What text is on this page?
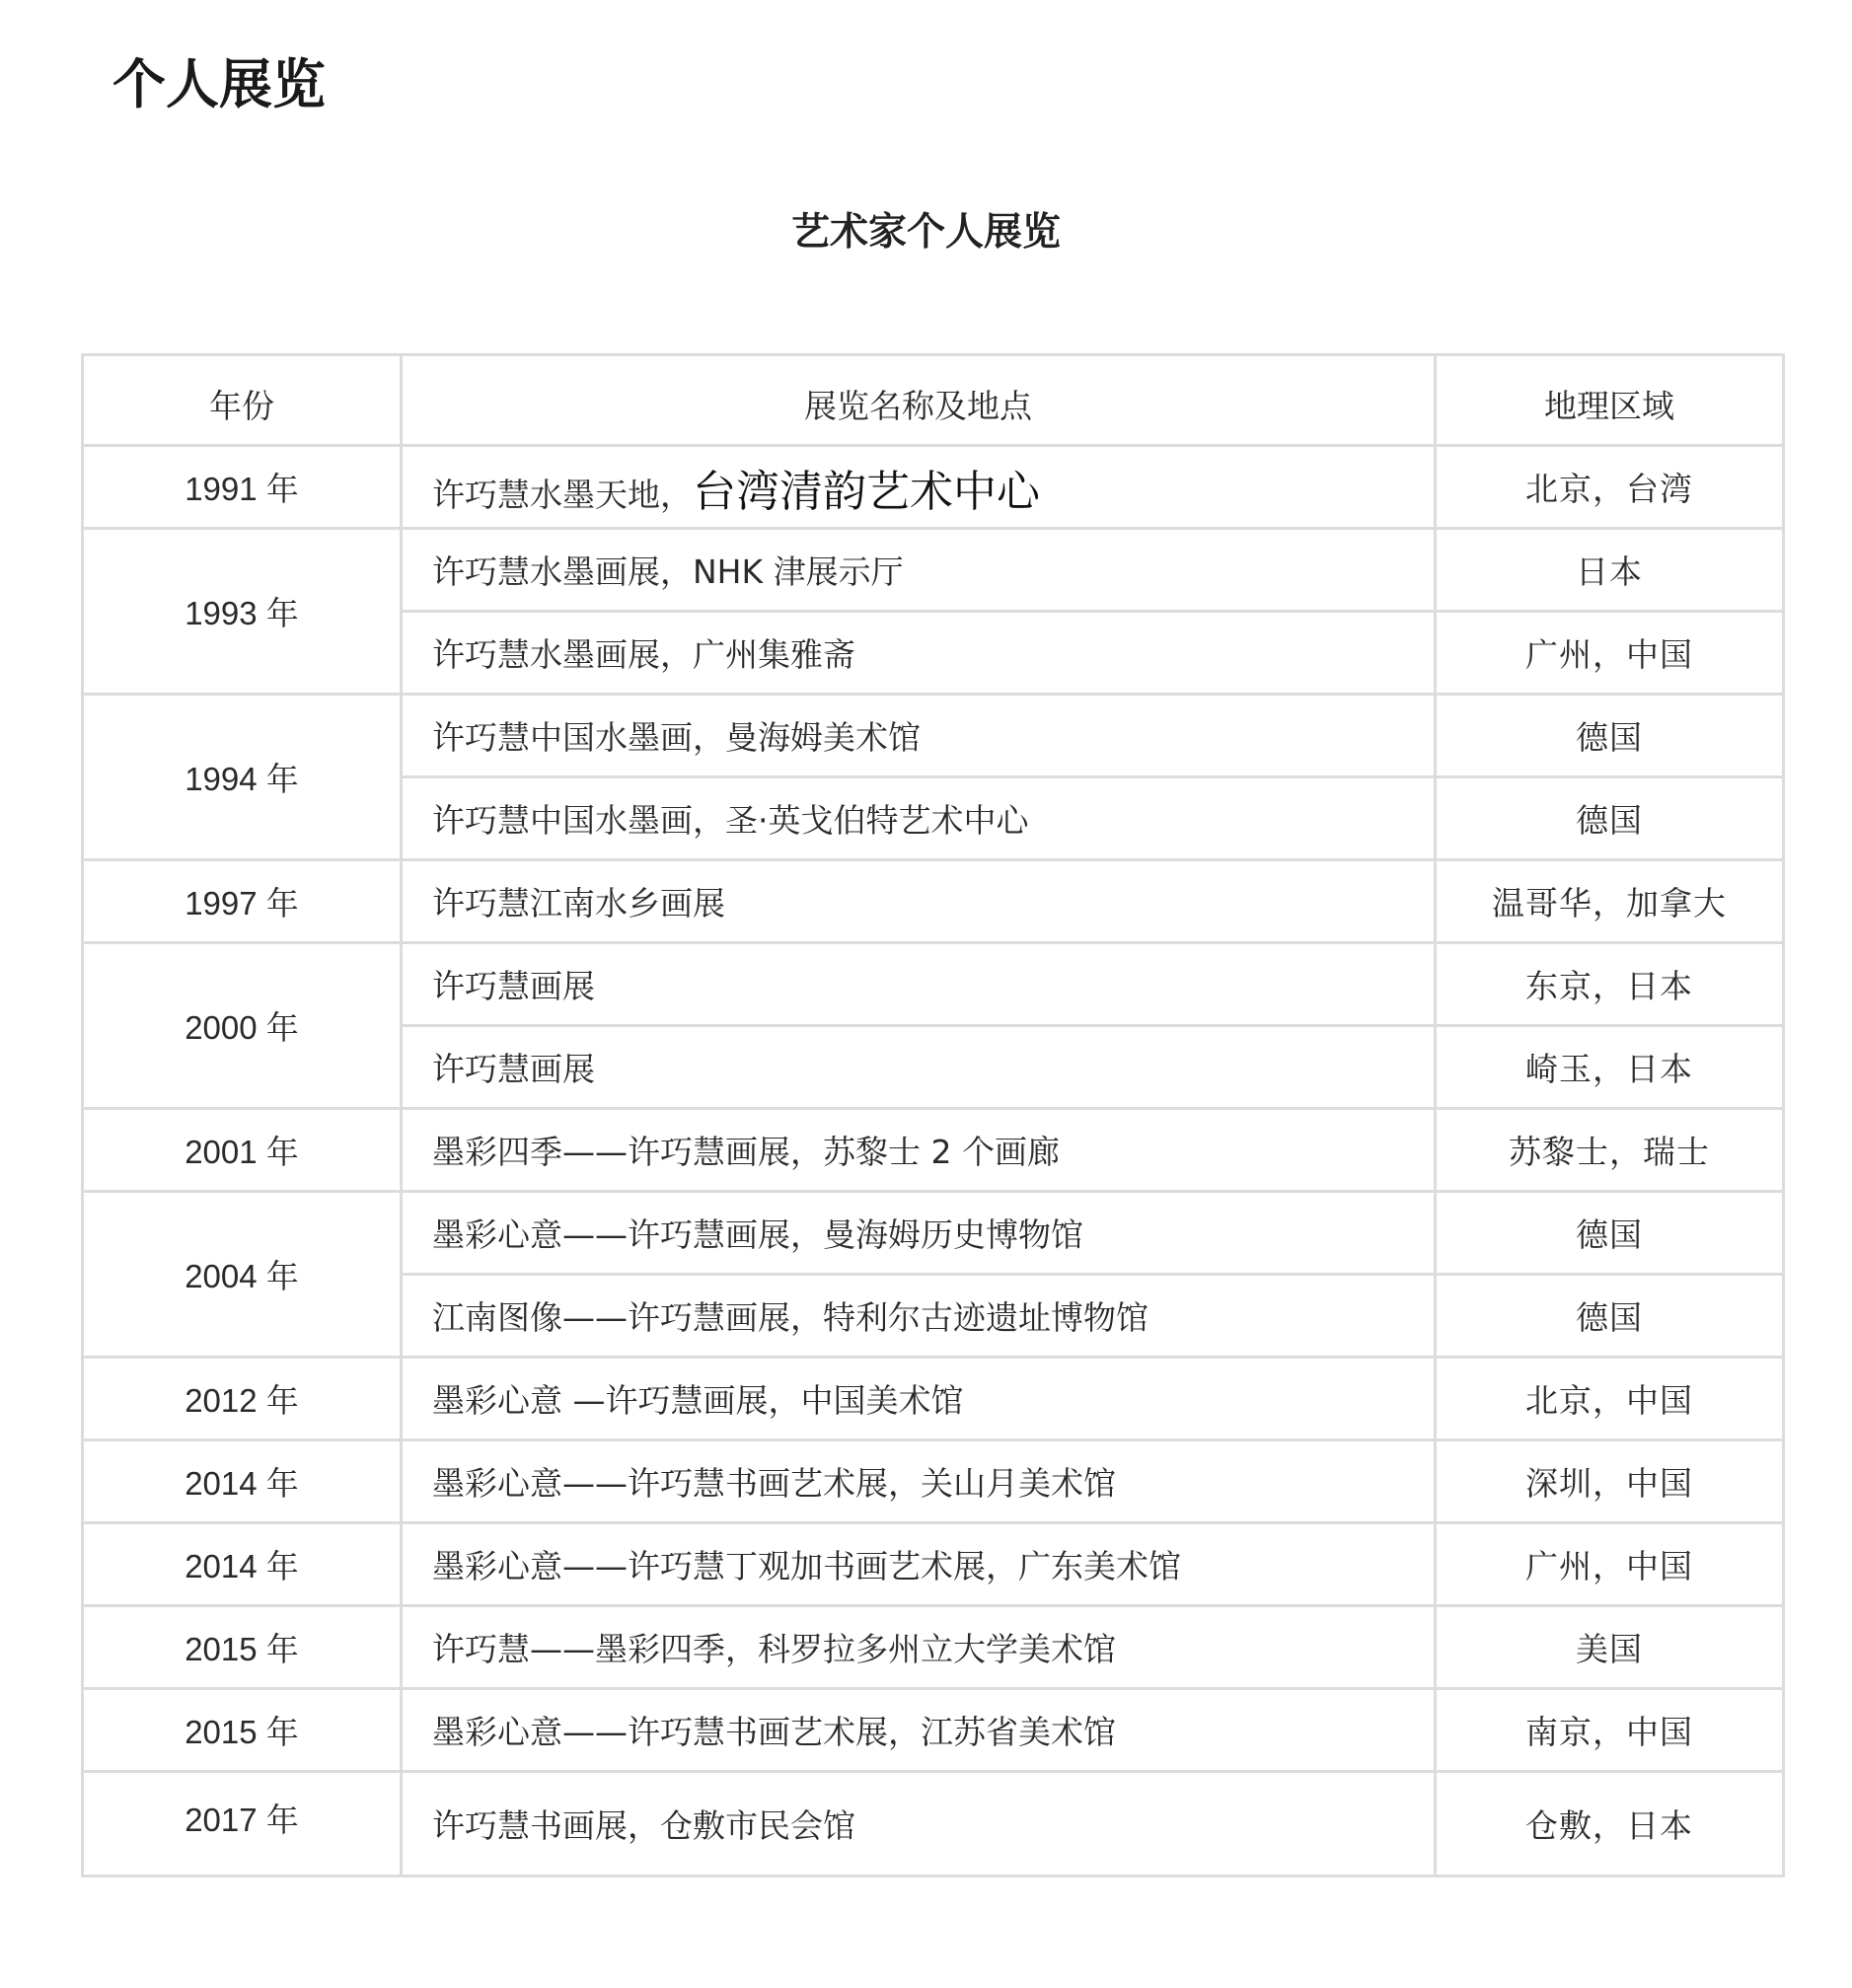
个人展览
艺术家个人展览
年份	展览名称及地点	地理区域
1991 年	许巧慧水墨天地，台湾清韵艺术中心	北京，台湾
1993 年	许巧慧水墨画展，NHK 津展示厅	日本
	许巧慧水墨画展，广州集雅斋	广州，中国
1994 年	许巧慧中国水墨画，曼海姆美术馆	德国
	许巧慧中国水墨画，圣·英戈伯特艺术中心	德国
1997 年	许巧慧江南水乡画展	温哥华，加拿大
2000 年	许巧慧画展	东京，日本
	许巧慧画展	崎玉，日本
2001 年	墨彩四季——许巧慧画展，苏黎士 2 个画廊	苏黎士，瑞士
2004 年	墨彩心意——许巧慧画展，曼海姆历史博物馆	德国
	江南图像——许巧慧画展，特利尔古迹遗址博物馆	德国
2012 年	墨彩心意 —许巧慧画展，中国美术馆	北京，中国
2014 年	墨彩心意——许巧慧书画艺术展，关山月美术馆	深圳，中国
2014 年	墨彩心意——许巧慧丁观加书画艺术展，广东美术馆	广州，中国
2015 年	许巧慧——墨彩四季，科罗拉多州立大学美术馆	美国
2015 年	墨彩心意——许巧慧书画艺术展，江苏省美术馆	南京，中国
2017 年	许巧慧书画展，仓敷市民会馆	仓敷，日本
